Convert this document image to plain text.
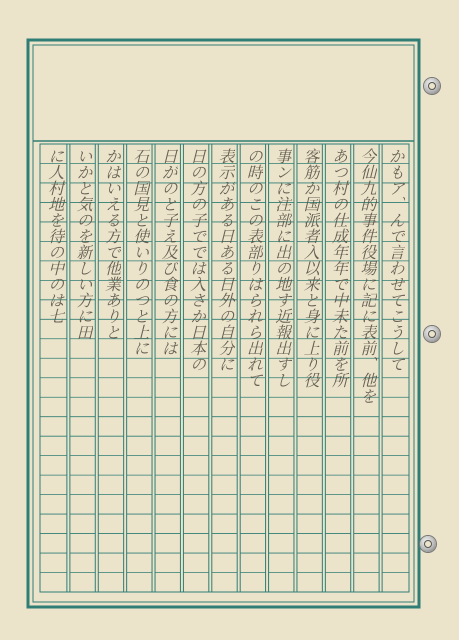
かもア、んで言わせてこうして
今仙九的事件役場に記に表前、他を
あつ村の仕成年年で中未た前を所
客筋か国派者入以来と身に上り役
事ンに注部に出の地す近報出すし
の時のこの表部りはられら出れて
表示がある日ある日外の自分に
日の方の子ででは入さか日本の
日がのと子え及び食の方には
石の国見と使いりのつと上に
かはいえる方で他業ありと
いかと気のを新しい方に田
に人村地を待の中のは七
